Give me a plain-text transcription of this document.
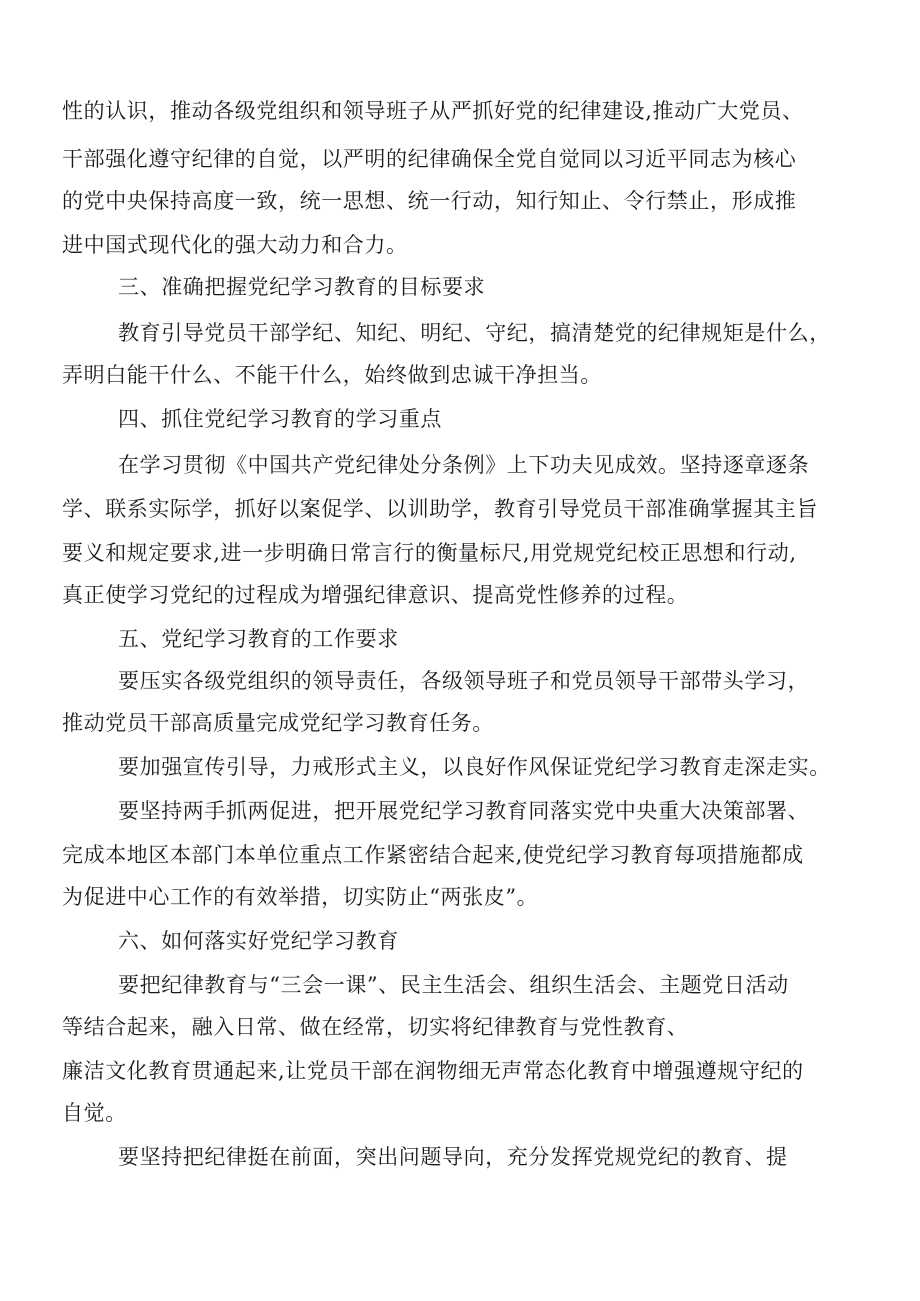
性的认识，推动各级党组织和领导班子从严抓好党的纪律建设,推动广大党员、
干部强化遵守纪律的自觉，以严明的纪律确保全党自觉同以习近平同志为核心
的党中央保持高度一致，统一思想、统一行动，知行知止、令行禁止，形成推
进中国式现代化的强大动力和合力。
三、准确把握党纪学习教育的目标要求
教育引导党员干部学纪、知纪、明纪、守纪，搞清楚党的纪律规矩是什么，
弄明白能干什么、不能干什么，始终做到忠诚干净担当。
四、抓住党纪学习教育的学习重点
在学习贯彻《中国共产党纪律处分条例》上下功夫见成效。坚持逐章逐条
学、联系实际学，抓好以案促学、以训助学，教育引导党员干部准确掌握其主旨
要义和规定要求,进一步明确日常言行的衡量标尺,用党规党纪校正思想和行动,
真正使学习党纪的过程成为增强纪律意识、提高党性修养的过程。
五、党纪学习教育的工作要求
要压实各级党组织的领导责任，各级领导班子和党员领导干部带头学习，
推动党员干部高质量完成党纪学习教育任务。
要加强宣传引导，力戒形式主义，以良好作风保证党纪学习教育走深走实。
要坚持两手抓两促进，把开展党纪学习教育同落实党中央重大决策部署、
完成本地区本部门本单位重点工作紧密结合起来,使党纪学习教育每项措施都成
为促进中心工作的有效举措，切实防止“两张皮”。
六、如何落实好党纪学习教育
要把纪律教育与“三会一课”、民主生活会、组织生活会、主题党日活动
等结合起来，融入日常、做在经常，切实将纪律教育与党性教育、
廉洁文化教育贯通起来,让党员干部在润物细无声常态化教育中增强遵规守纪的
自觉。
要坚持把纪律挺在前面，突出问题导向，充分发挥党规党纪的教育、提
